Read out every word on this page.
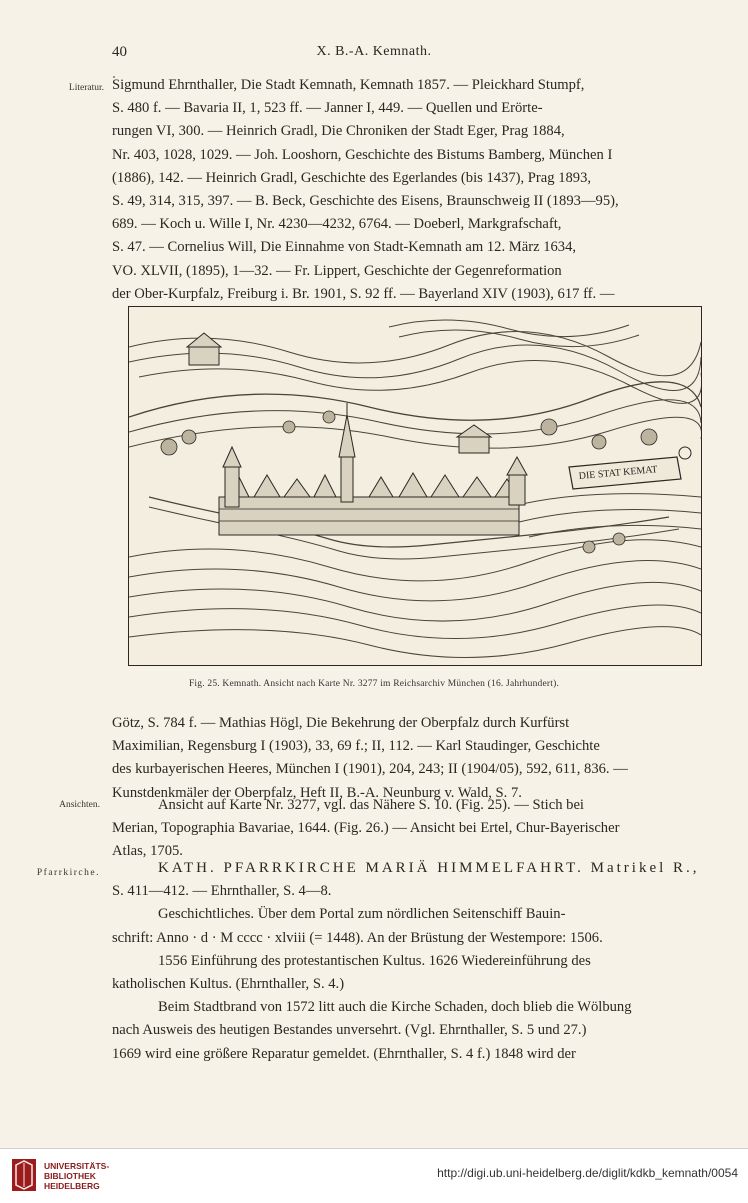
40	X. B.-A. Kemnath.
Literatur. Sigmund Ehrnthaller, Die Stadt Kemnath, Kemnath 1857. — Pleickhard Stumpf,
S. 480 f. — Bavaria II, 1, 523 ff. — Janner I, 449. — Quellen und Erörte-
rungen VI, 300. — Heinrich Gradl, Die Chroniken der Stadt Eger, Prag 1884,
Nr. 403, 1028, 1029. — Joh. Looshorn, Geschichte des Bistums Bamberg, München I
(1886), 142. — Heinrich Gradl, Geschichte des Egerlandes (bis 1437), Prag 1893,
S. 49, 314, 315, 397. — B. Beck, Geschichte des Eisens, Braunschweig II (1893—95),
689. — Koch u. Wille I, Nr. 4230—4232, 6764. — Doeberl, Markgrafschaft,
S. 47. — Cornelius Will, Die Einnahme von Stadt-Kemnath am 12. März 1634,
VO. XLVII, (1895), 1—32. — Fr. Lippert, Geschichte der Gegenreformation
der Ober-Kurpfalz, Freiburg i. Br. 1901, S. 92 ff. — Bayerland XIV (1903), 617 ff. —
DIE STAT KEMAT
Fig. 25. Kemnath. Ansicht nach Karte Nr. 3277 im Reichsarchiv München (16. Jahrhundert).
Götz, S. 784 f. — Mathias Högl, Die Bekehrung der Oberpfalz durch Kurfürst
Maximilian, Regensburg I (1903), 33, 69 f.; II, 112. — Karl Staudinger, Geschichte
des kurbayerischen Heeres, München I (1901), 204, 243; II (1904/05), 592, 611, 836. —
Kunstdenkmäler der Oberpfalz, Heft II, B.-A. Neunburg v. Wald, S. 7.
Ansichten.	Ansicht auf Karte Nr. 3277, vgl. das Nähere S. 10. (Fig. 25). — Stich bei
Merian, Topographia Bavariae, 1644. (Fig. 26.) — Ansicht bei Ertel, Chur-Bayerischer
Atlas, 1705.
Pfarrkirche.	KATH. PFARRKIRCHE MARIÄ HIMMELFAHRT. Matrikel R.,
S. 411—412. — Ehrnthaller, S. 4—8.
Geschichtliches. Über dem Portal zum nördlichen Seitenschiff Bauin-
schrift: Anno · d · M cccc · xlviii (= 1448). An der Brüstung der Westempore: 1506.
1556 Einführung des protestantischen Kultus. 1626 Wiedereinführung des
katholischen Kultus. (Ehrnthaller, S. 4.)
Beim Stadtbrand von 1572 litt auch die Kirche Schaden, doch blieb die Wölbung
nach Ausweis des heutigen Bestandes unversehrt. (Vgl. Ehrnthaller, S. 5 und 27.)
1669 wird eine größere Reparatur gemeldet. (Ehrnthaller, S. 4 f.) 1848 wird der
UNIVERSITÄTS-
BIBLIOTHEK
HEIDELBERG
http://digi.ub.uni-heidelberg.de/diglit/kdkb_kemnath/0054
